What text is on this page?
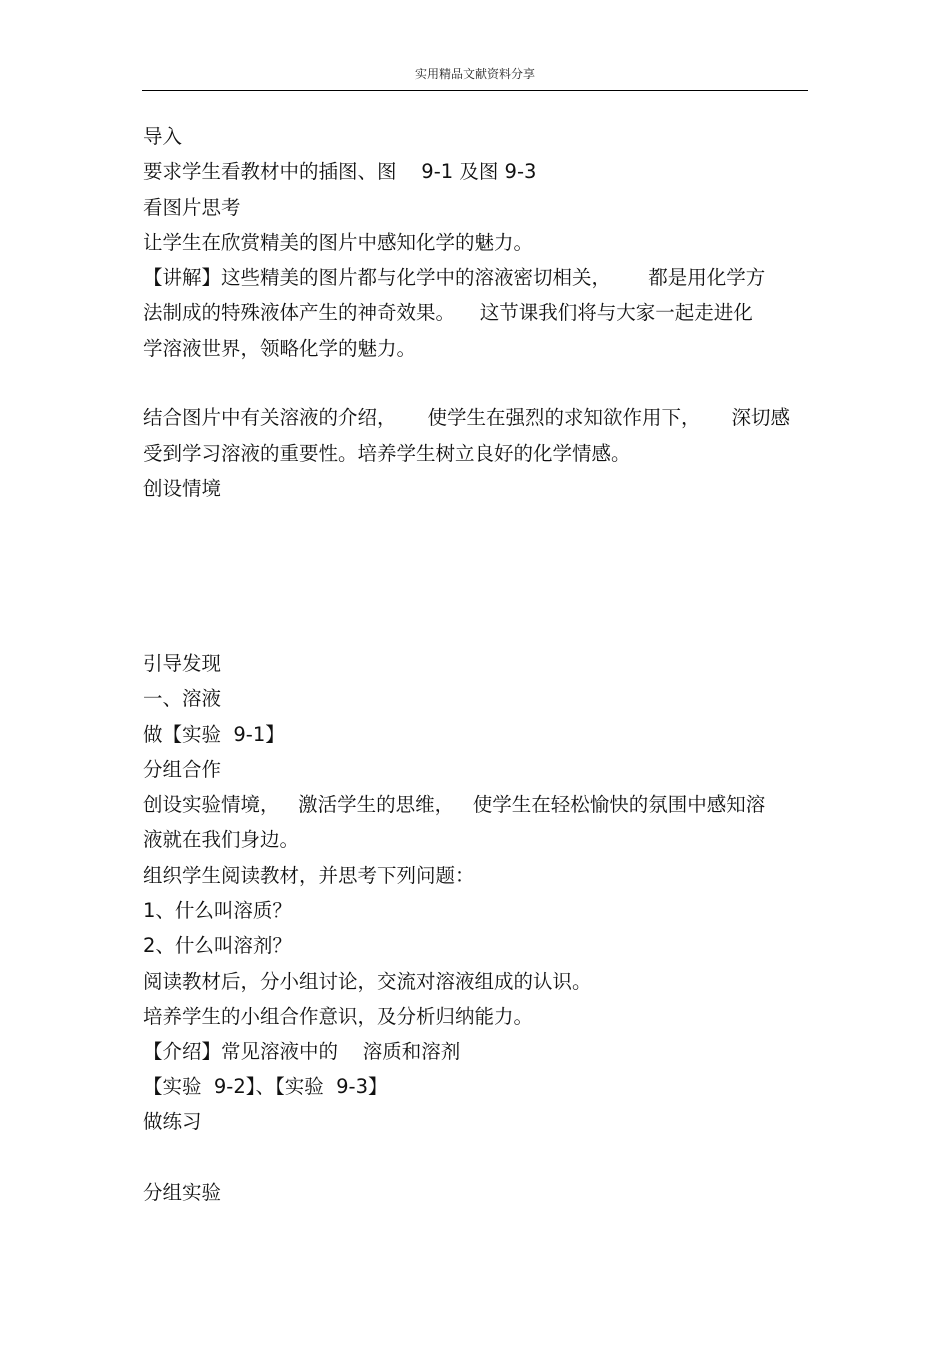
实用精品文献资料分享
导入
要求学生看教材中的插图、图    9-1 及图 9-3
看图片思考
让学生在欣赏精美的图片中感知化学的魅力。
【讲解】这些精美的图片都与化学中的溶液密切相关，      都是用化学方
法制成的特殊液体产生的神奇效果。    这节课我们将与大家一起走进化
学溶液世界，领略化学的魅力。
结合图片中有关溶液的介绍，     使学生在强烈的求知欲作用下，     深切感
受到学习溶液的重要性。培养学生树立良好的化学情感。
创设情境
引导发现
一、溶液
做【实验  9-1】
分组合作
创设实验情境，   激活学生的思维，   使学生在轻松愉快的氛围中感知溶
液就在我们身边。
组织学生阅读教材，并思考下列问题：
1、什么叫溶质？
2、什么叫溶剂？
阅读教材后，分小组讨论，交流对溶液组成的认识。
培养学生的小组合作意识，及分析归纳能力。
【介绍】常见溶液中的    溶质和溶剂
【实验  9-2】、【实验  9-3】
做练习
分组实验
